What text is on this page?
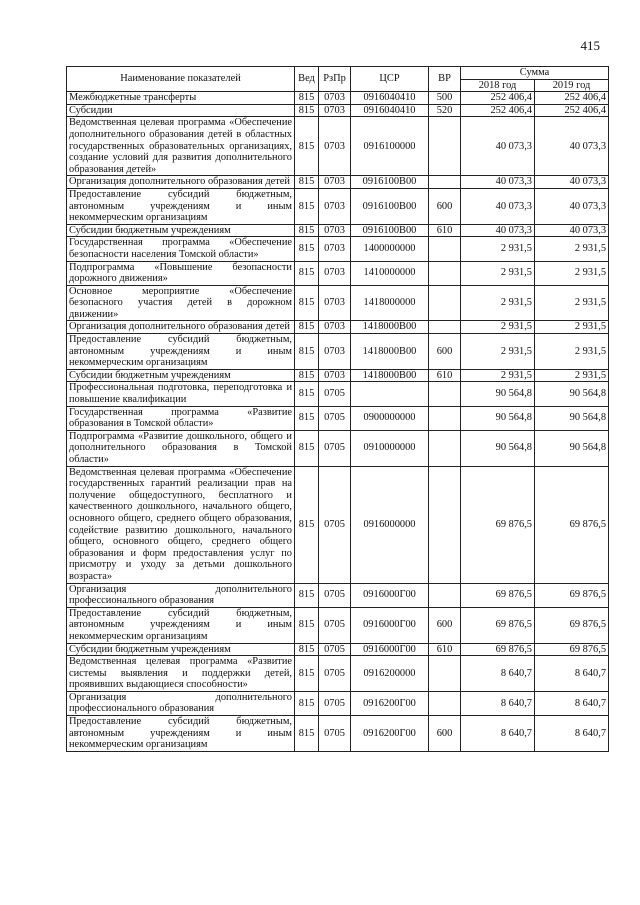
415
Наименование показателей	Вед	РзПр	ЦСР	ВР	Сумма	
					2018 год	2019 год
Межбюджетные трансферты	815	0703	0916040410	500	252 406,4	252 406,4
Субсидии	815	0703	0916040410	520	252 406,4	252 406,4
Ведомственная целевая программа «Обеспечение дополнительного образования детей в областных государственных образовательных организациях, создание условий для развития дополнительного образования детей»	815	0703	0916100000		40 073,3	40 073,3
Организация дополнительного образования детей	815	0703	0916100В00		40 073,3	40 073,3
Предоставление субсидий бюджетным, автономным учреждениям и иным некоммерческим организациям	815	0703	0916100В00	600	40 073,3	40 073,3
Субсидии бюджетным учреждениям	815	0703	0916100В00	610	40 073,3	40 073,3
Государственная программа «Обеспечение безопасности населения Томской области»	815	0703	1400000000		2 931,5	2 931,5
Подпрограмма «Повышение безопасности дорожного движения»	815	0703	1410000000		2 931,5	2 931,5
Основное мероприятие «Обеспечение безопасного участия детей в дорожном движении»	815	0703	1418000000		2 931,5	2 931,5
Организация дополнительного образования детей	815	0703	1418000В00		2 931,5	2 931,5
Предоставление субсидий бюджетным, автономным учреждениям и иным некоммерческим организациям	815	0703	1418000В00	600	2 931,5	2 931,5
Субсидии бюджетным учреждениям	815	0703	1418000В00	610	2 931,5	2 931,5
Профессиональная подготовка, переподготовка и повышение квалификации	815	0705			90 564,8	90 564,8
Государственная программа «Развитие образования в Томской области»	815	0705	0900000000		90 564,8	90 564,8
Подпрограмма «Развитие дошкольного, общего и дополнительного образования в Томской области»	815	0705	0910000000		90 564,8	90 564,8
Ведомственная целевая программа «Обеспечение государственных гарантий реализации прав на получение общедоступного, бесплатного и качественного дошкольного, начального общего, основного общего, среднего общего образования, содействие развитию дошкольного, начального общего, основного общего, среднего общего образования и форм предоставления услуг по присмотру и уходу за детьми дошкольного возраста»	815	0705	0916000000		69 876,5	69 876,5
Организация дополнительного профессионального образования	815	0705	0916000Г00		69 876,5	69 876,5
Предоставление субсидий бюджетным, автономным учреждениям и иным некоммерческим организациям	815	0705	0916000Г00	600	69 876,5	69 876,5
Субсидии бюджетным учреждениям	815	0705	0916000Г00	610	69 876,5	69 876,5
Ведомственная целевая программа «Развитие системы выявления и поддержки детей, проявивших выдающиеся способности»	815	0705	0916200000		8 640,7	8 640,7
Организация дополнительного профессионального образования	815	0705	0916200Г00		8 640,7	8 640,7
Предоставление субсидий бюджетным, автономным учреждениям и иным некоммерческим организациям	815	0705	0916200Г00	600	8 640,7	8 640,7
